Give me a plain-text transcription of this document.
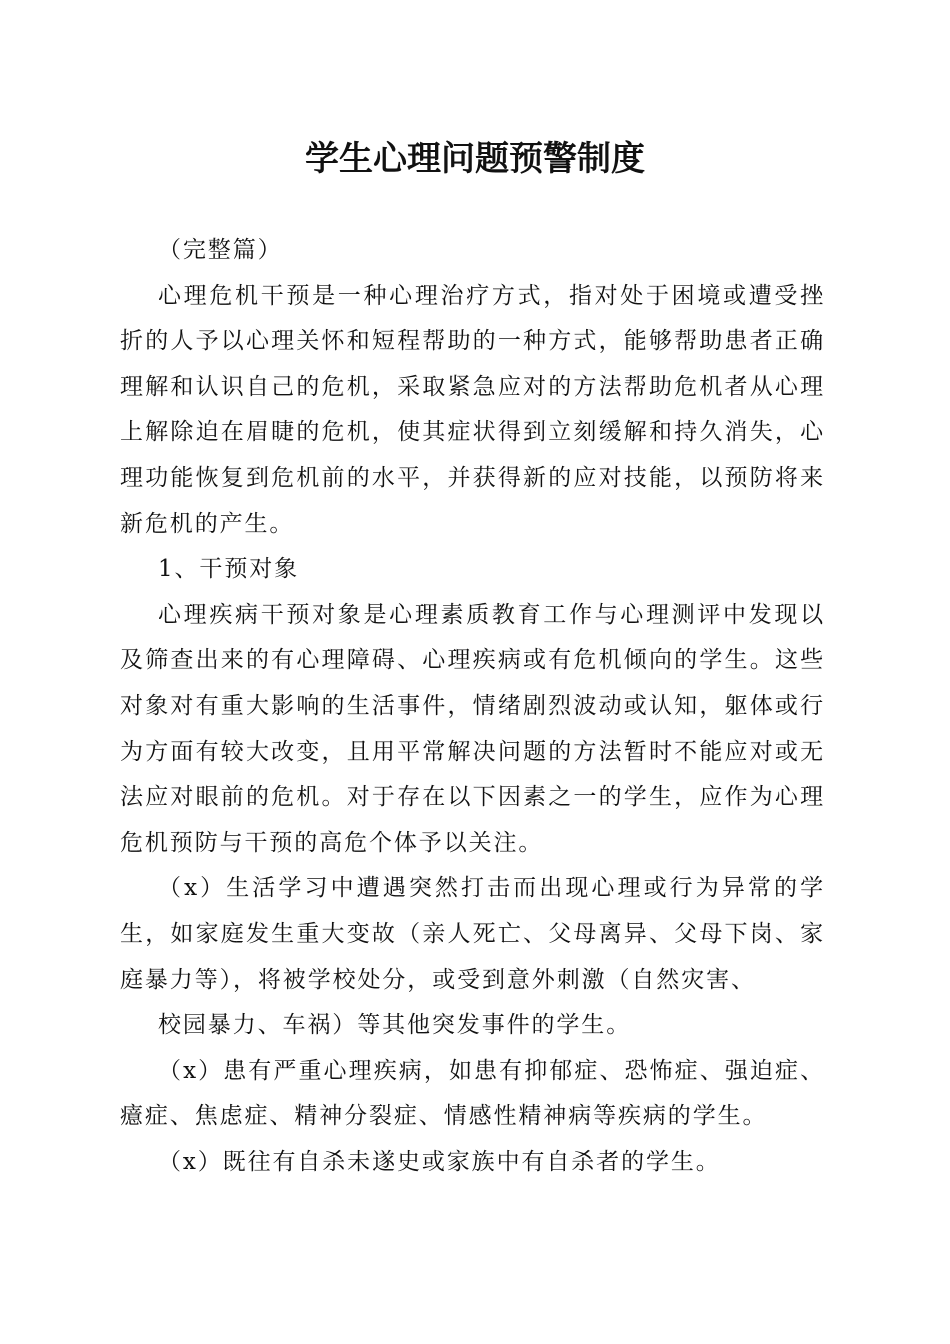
学生心理问题预警制度

（完整篇）

心理危机干预是一种心理治疗方式，指对处于困境或遭受挫折的人予以心理关怀和短程帮助的一种方式，能够帮助患者正确理解和认识自己的危机，采取紧急应对的方法帮助危机者从心理上解除迫在眉睫的危机，使其症状得到立刻缓解和持久消失，心理功能恢复到危机前的水平，并获得新的应对技能，以预防将来新危机的产生。

1、干预对象

心理疾病干预对象是心理素质教育工作与心理测评中发现以及筛查出来的有心理障碍、心理疾病或有危机倾向的学生。这些对象对有重大影响的生活事件，情绪剧烈波动或认知，躯体或行为方面有较大改变，且用平常解决问题的方法暂时不能应对或无法应对眼前的危机。对于存在以下因素之一的学生，应作为心理危机预防与干预的高危个体予以关注。

（x）生活学习中遭遇突然打击而出现心理或行为异常的学生，如家庭发生重大变故（亲人死亡、父母离异、父母下岗、家庭暴力等），将被学校处分，或受到意外刺激（自然灾害、

校园暴力、车祸）等其他突发事件的学生。

（x）患有严重心理疾病，如患有抑郁症、恐怖症、强迫症、癔症、焦虑症、精神分裂症、情感性精神病等疾病的学生。

（x）既往有自杀未遂史或家族中有自杀者的学生。
